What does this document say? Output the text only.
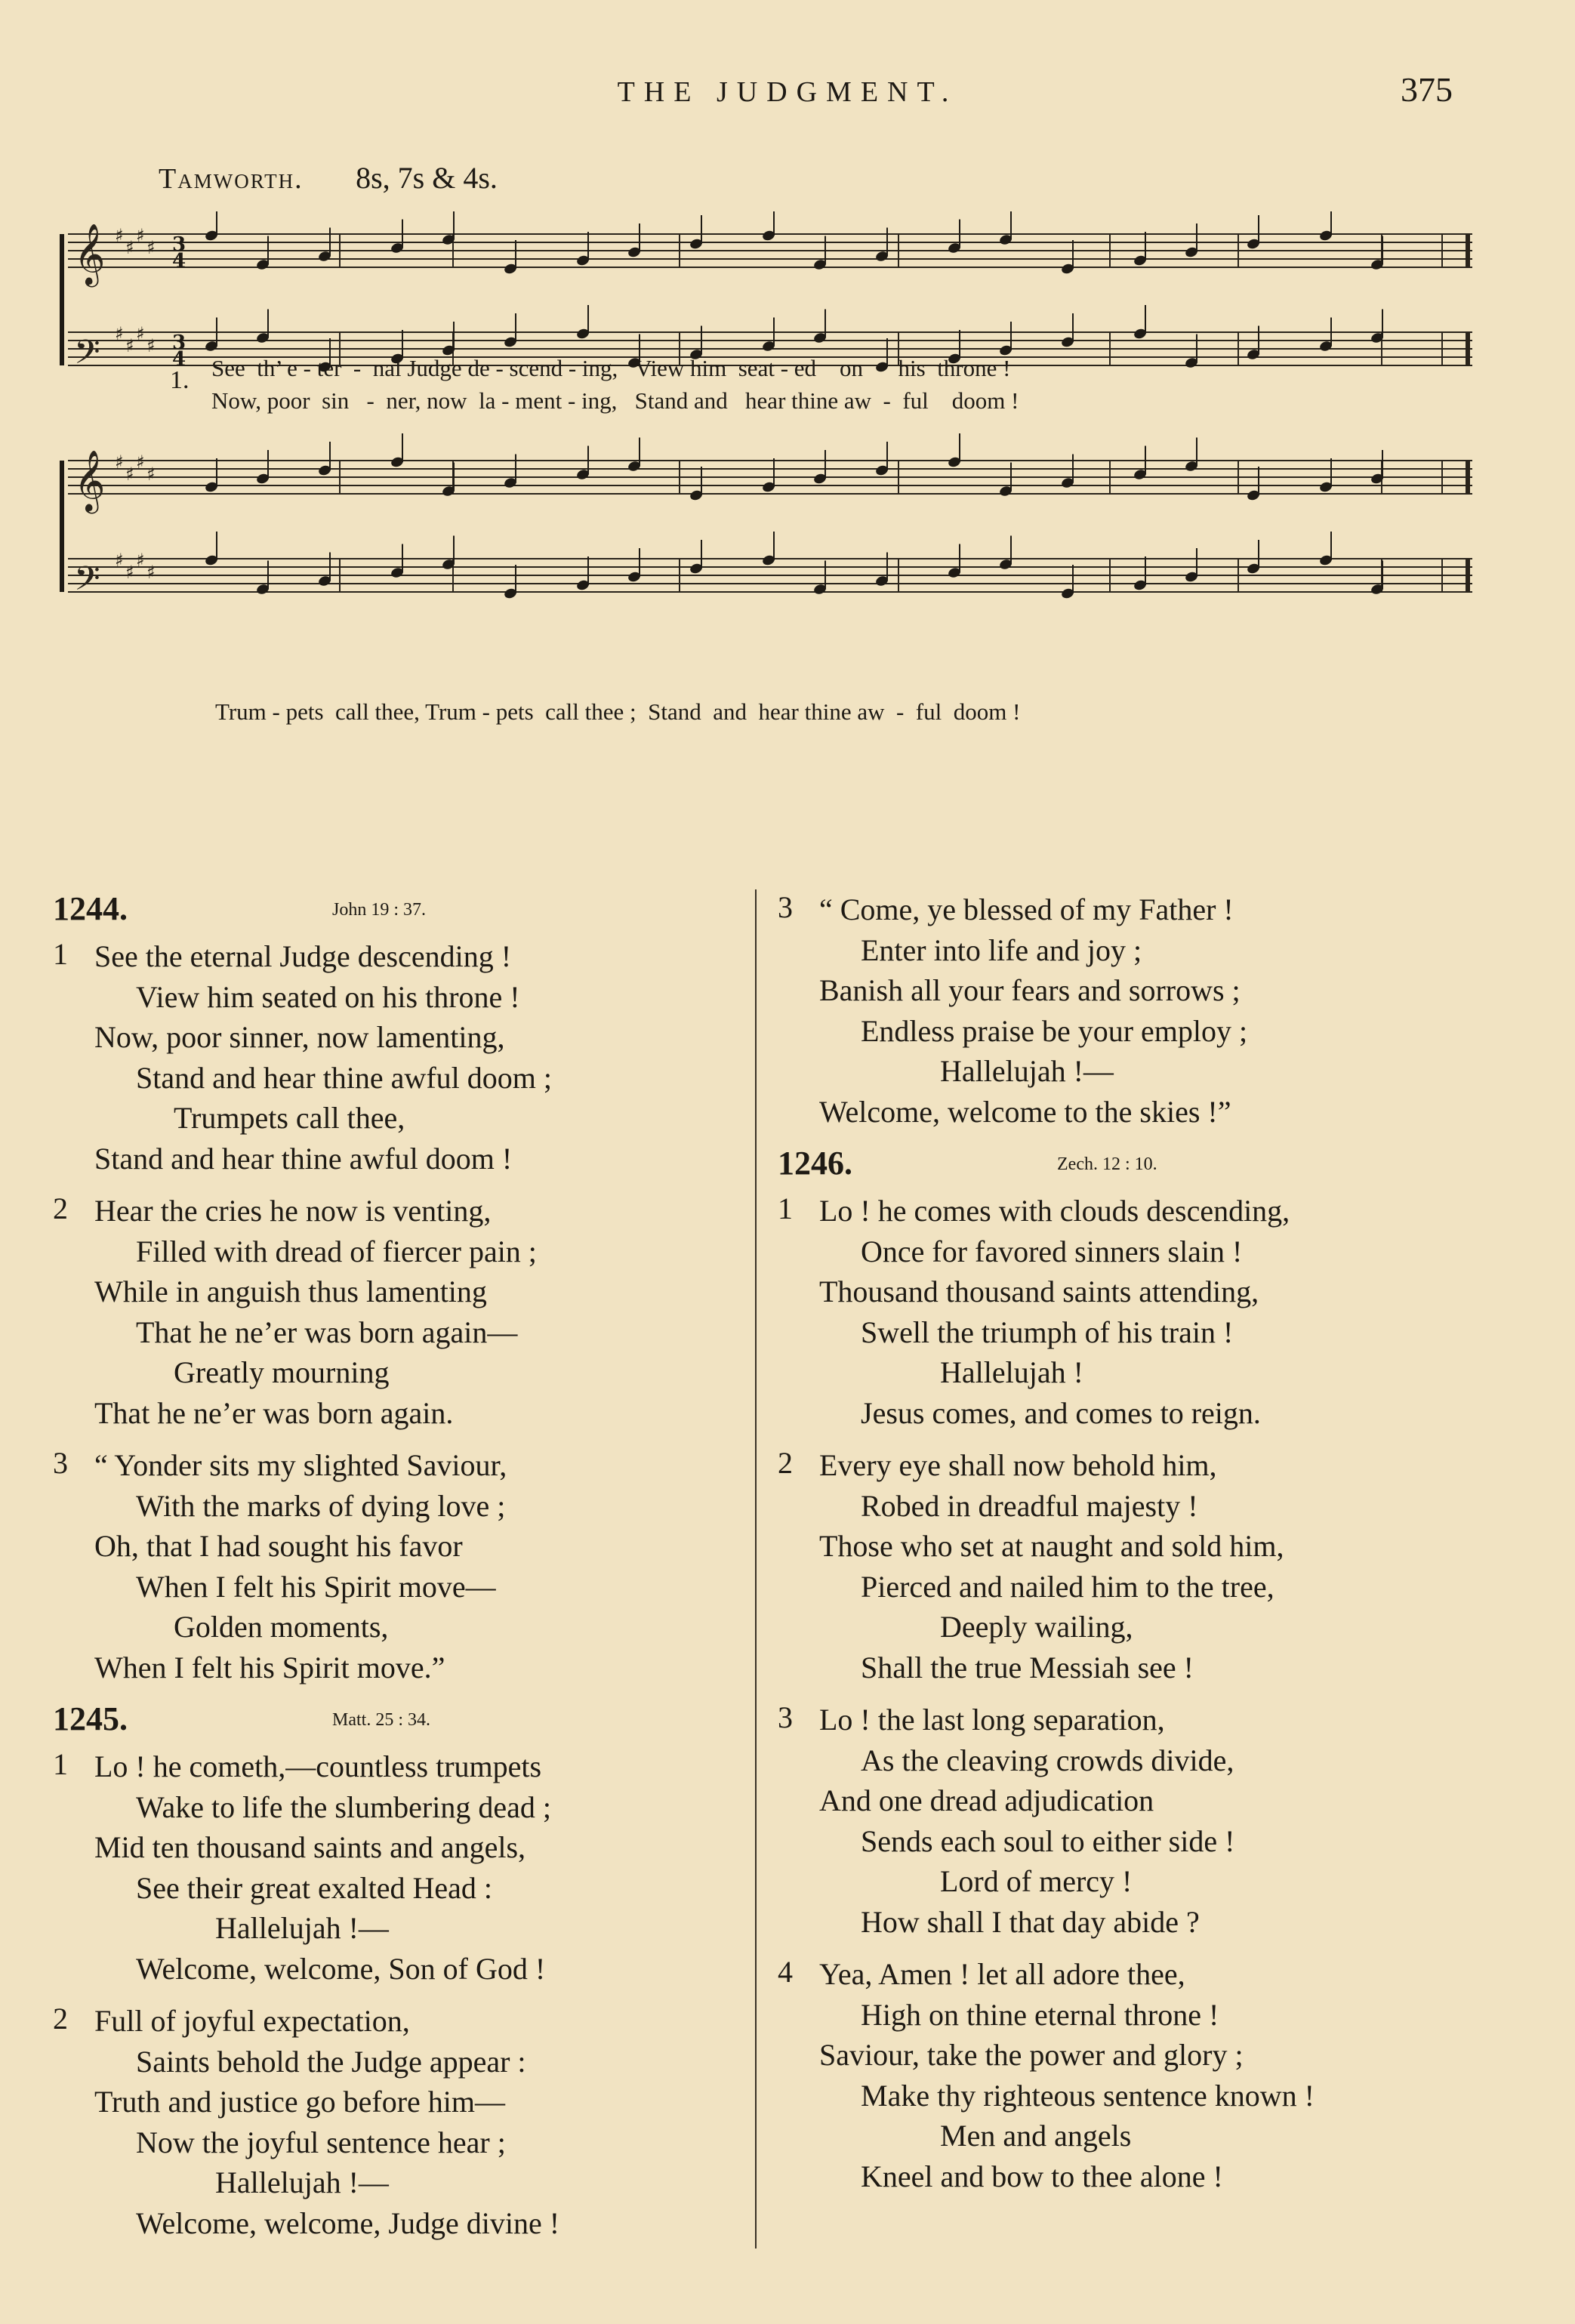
THE JUDGMENT.	375
Tamworth. 8s, 7s & 4s.
𝄞 ♯
♯
♯
♯
𝄢 ♯
♯
♯
♯
𝄞 ♯
♯
♯
♯
𝄢 ♯
♯
♯
♯
3
4
3
4
1. See  th’ e - ter  -  nal Judge de - scend - ing,   View him  seat - ed    on      his  throne !
Now, poor  sin   -  ner, now  la - ment - ing,   Stand and   hear thine aw  -  ful    doom !
Trum - pets  call thee, Trum - pets  call thee ;  Stand  and  hear thine aw  -  ful  doom !
1244.	John 19 : 37.
1 See the eternal Judge descending !
View him seated on his throne !
Now, poor sinner, now lamenting,
Stand and hear thine awful doom ;
Trumpets call thee,
Stand and hear thine awful doom !
2 Hear the cries he now is venting,
Filled with dread of fiercer pain ;
While in anguish thus lamenting
That he ne’er was born again—
Greatly mourning
That he ne’er was born again.
3 “ Yonder sits my slighted Saviour,
With the marks of dying love ;
Oh, that I had sought his favor
When I felt his Spirit move—
Golden moments,
When I felt his Spirit move.”
1245.	Matt. 25 : 34.
1 Lo ! he cometh,—countless trumpets
Wake to life the slumbering dead ;
Mid ten thousand saints and angels,
See their great exalted Head :
Hallelujah !—
Welcome, welcome, Son of God !
2 Full of joyful expectation,
Saints behold the Judge appear :
Truth and justice go before him—
Now the joyful sentence hear ;
Hallelujah !—
Welcome, welcome, Judge divine !
3 “ Come, ye blessed of my Father !
Enter into life and joy ;
Banish all your fears and sorrows ;
Endless praise be your employ ;
Hallelujah !—
Welcome, welcome to the skies !”
1246.	Zech. 12 : 10.
1 Lo ! he comes with clouds descending,
Once for favored sinners slain !
Thousand thousand saints attending,
Swell the triumph of his train !
Hallelujah !
Jesus comes, and comes to reign.
2 Every eye shall now behold him,
Robed in dreadful majesty !
Those who set at naught and sold him,
Pierced and nailed him to the tree,
Deeply wailing,
Shall the true Messiah see !
3 Lo ! the last long separation,
As the cleaving crowds divide,
And one dread adjudication
Sends each soul to either side !
Lord of mercy !
How shall I that day abide ?
4 Yea, Amen ! let all adore thee,
High on thine eternal throne !
Saviour, take the power and glory ;
Make thy righteous sentence known !
Men and angels
Kneel and bow to thee alone !
